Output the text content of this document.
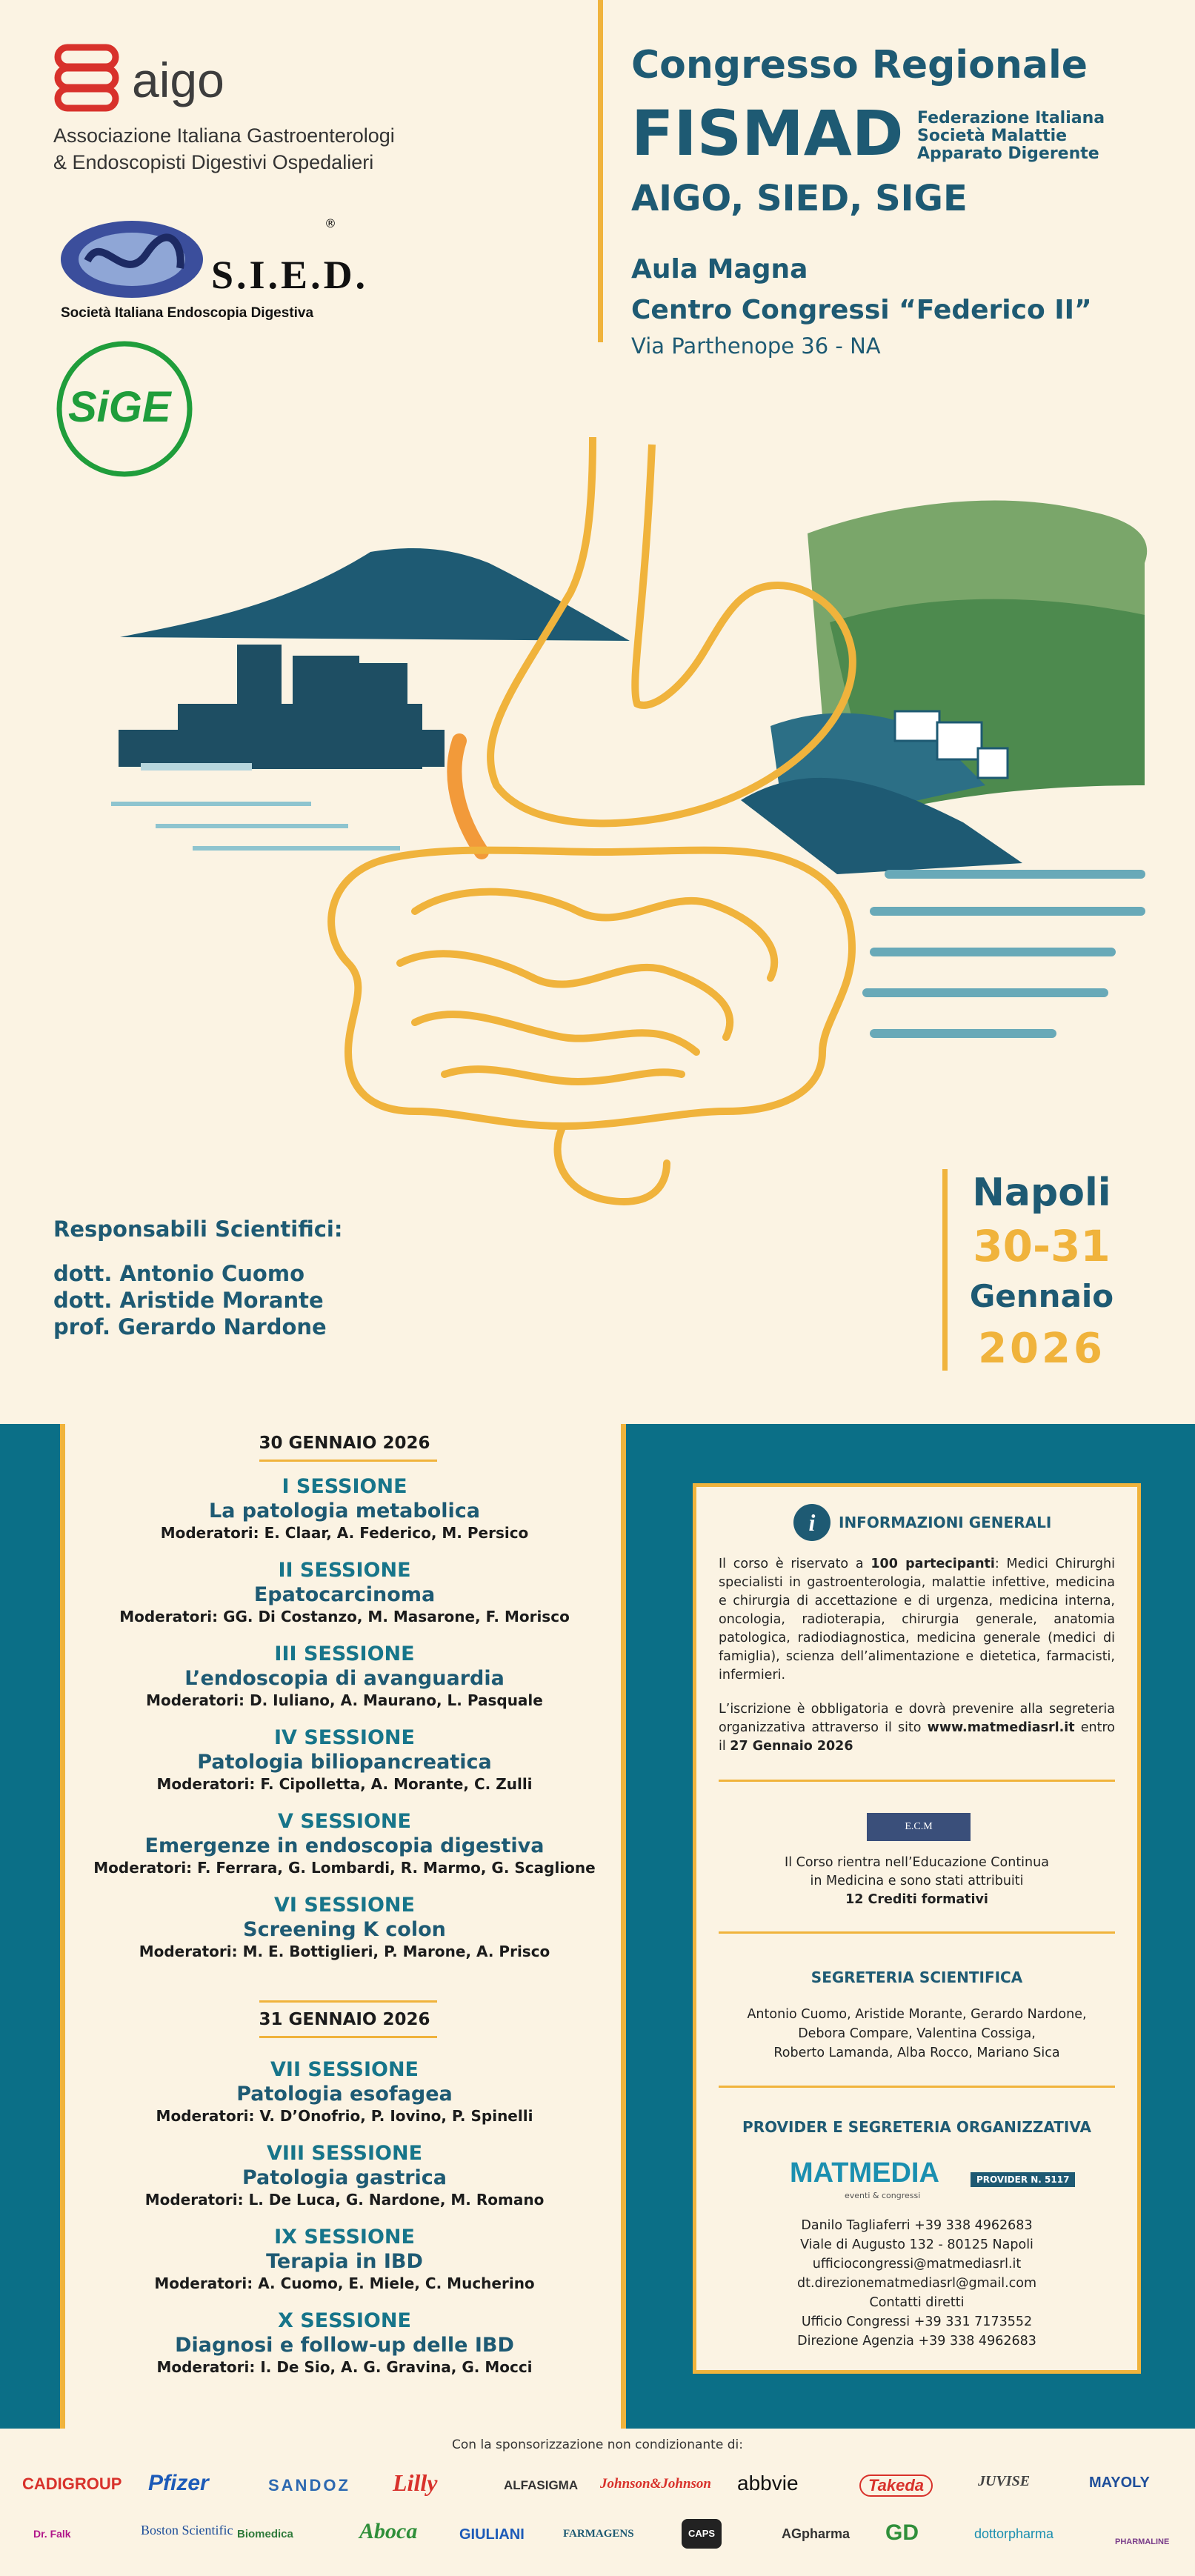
aigo
Associazione Italiana Gastroenterologi
& Endoscopisti Digestivi Ospedalieri
S.I.E.D.
®
Società Italiana Endoscopia Digestiva
SiGE
Congresso Regionale
FISMAD Federazione Italiana
Società Malattie
Apparato Digerente
AIGO, SIED, SIGE
Aula Magna
Centro Congressi “Federico II”
Via Parthenope 36 - NA
Responsabili Scientifici:
dott. Antonio Cuomo
dott. Aristide Morante
prof. Gerardo Nardone
Napoli
30-31
Gennaio
2026
30 GENNAIO 2026
I SESSIONE
La patologia metabolica
Moderatori: E. Claar, A. Federico, M. Persico
II SESSIONE
Epatocarcinoma
Moderatori: GG. Di Costanzo, M. Masarone, F. Morisco
III SESSIONE
L’endoscopia di avanguardia
Moderatori: D. Iuliano, A. Maurano, L. Pasquale
IV SESSIONE
Patologia biliopancreatica
Moderatori: F. Cipolletta, A. Morante, C. Zulli
V SESSIONE
Emergenze in endoscopia digestiva
Moderatori: F. Ferrara, G. Lombardi, R. Marmo, G. Scaglione
VI SESSIONE
Screening K colon
Moderatori: M. E. Bottiglieri, P. Marone, A. Prisco
31 GENNAIO 2026
VII SESSIONE
Patologia esofagea
Moderatori: V. D’Onofrio, P. Iovino, P. Spinelli
VIII SESSIONE
Patologia gastrica
Moderatori: L. De Luca, G. Nardone, M. Romano
IX SESSIONE
Terapia in IBD
Moderatori: A. Cuomo, E. Miele, C. Mucherino
X SESSIONE
Diagnosi e follow-up delle IBD
Moderatori: I. De Sio, A. G. Gravina, G. Mocci
i INFORMAZIONI GENERALI
Il corso è riservato a 100 partecipanti: Medici Chirurghi specialisti in gastroenterologia, malattie infettive, medicina e chirurgia di accettazione e di urgenza, medicina interna, oncologia, radioterapia, chirurgia generale, anatomia patologica, radiodiagnostica, medicina generale (medici di famiglia), scienza dell’alimentazione e dietetica, farmacisti, infermieri.
L’iscrizione è obbligatoria e dovrà prevenire alla segreteria organizzativa attraverso il sito www.matmediasrl.it entro il 27 Gennaio 2026
E.C.M
Il Corso rientra nell’Educazione Continua
in Medicina e sono stati attribuiti
12 Crediti formativi
SEGRETERIA SCIENTIFICA
Antonio Cuomo, Aristide Morante, Gerardo Nardone,
Debora Compare, Valentina Cossiga,
Roberto Lamanda, Alba Rocco, Mariano Sica
PROVIDER E SEGRETERIA ORGANIZZATIVA
MATMEDIA
eventi & congressi
PROVIDER N. 5117
Danilo Tagliaferri +39 338 4962683
Viale di Augusto 132 - 80125 Napoli
ufficiocongressi@matmediasrl.it
dt.direzionematmediasrl@gmail.com
Contatti diretti
Ufficio Congressi +39 331 7173552
Direzione Agenzia +39 338 4962683
Con la sponsorizzazione non condizionante di:
CADIGROUP Pfizer	SANDOZ Lilly	ALFASIGMA Johnson&Johnson abbvie	Takeda	JUVISE	MAYOLY
Dr. Falk	Boston Scientific Biomedica	Aboca	GIULIANI	FARMAGENS	CAPS	AGpharma GD	dottorpharma
PHARMALINE
